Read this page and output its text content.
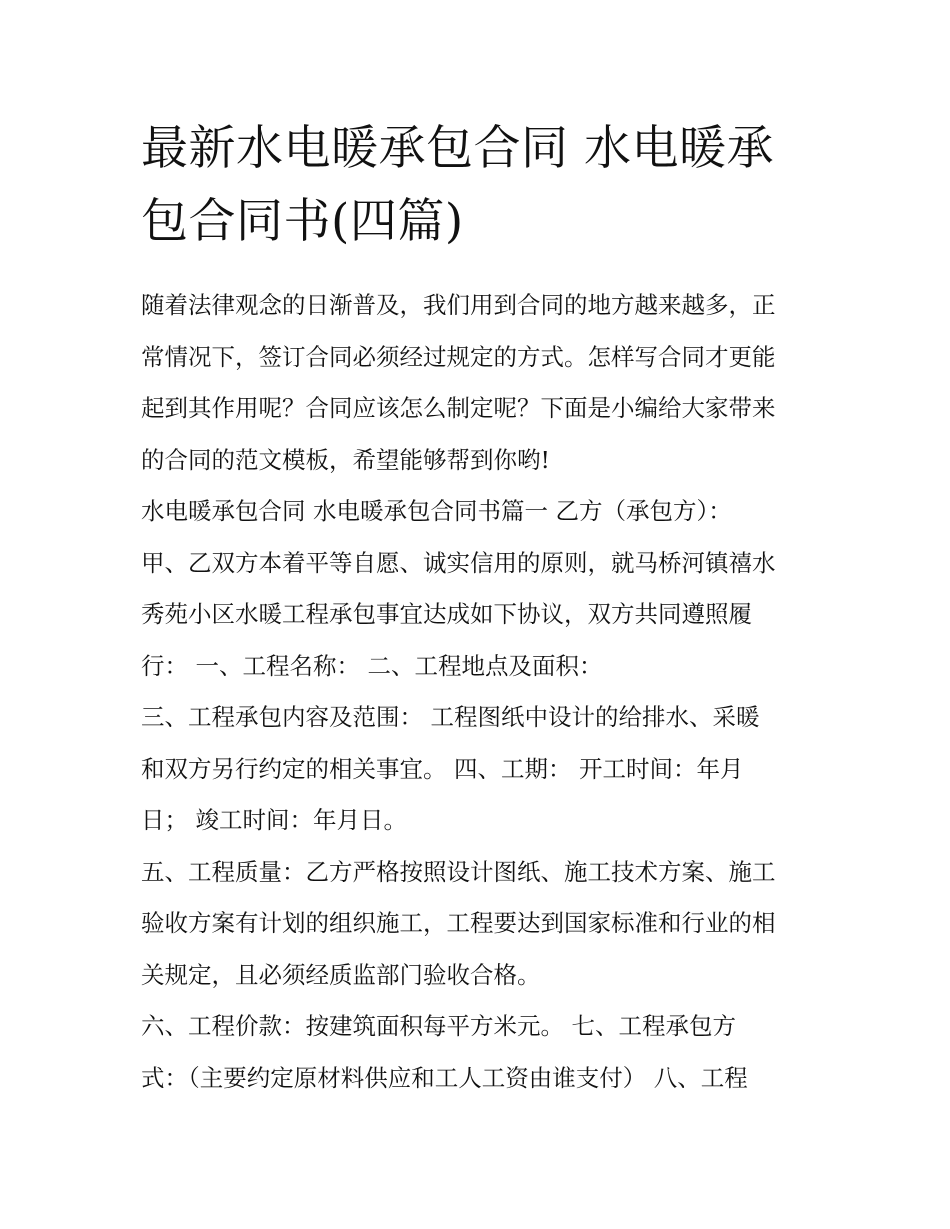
最新水电暖承包合同 水电暖承
包合同书(四篇)
随着法律观念的日渐普及，我们用到合同的地方越来越多，正
常情况下，签订合同必须经过规定的方式。怎样写合同才更能
起到其作用呢？合同应该怎么制定呢？下面是小编给大家带来
的合同的范文模板，希望能够帮到你哟!
水电暖承包合同 水电暖承包合同书篇一 乙方（承包方）：
甲、乙双方本着平等自愿、诚实信用的原则，就马桥河镇禧水
秀苑小区水暖工程承包事宜达成如下协议，双方共同遵照履
行： 一、工程名称： 二、工程地点及面积：
三、工程承包内容及范围： 工程图纸中设计的给排水、采暖
和双方另行约定的相关事宜。 四、工期： 开工时间：年月
日； 竣工时间：年月日。
五、工程质量：乙方严格按照设计图纸、施工技术方案、施工
验收方案有计划的组织施工，工程要达到国家标准和行业的相
关规定，且必须经质监部门验收合格。
六、工程价款：按建筑面积每平方米元。 七、工程承包方
式：（主要约定原材料供应和工人工资由谁支付） 八、工程
